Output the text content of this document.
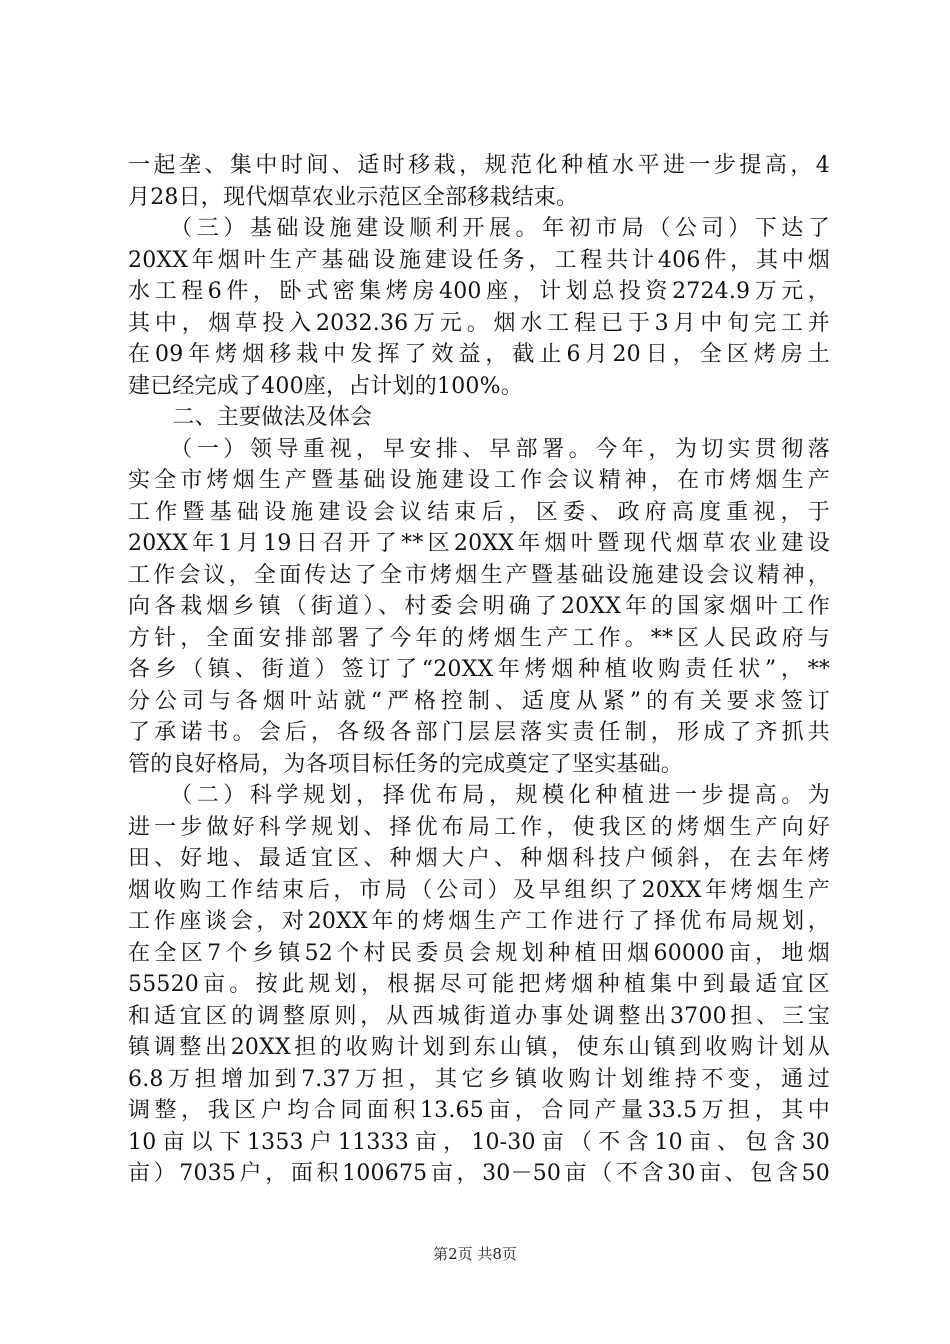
一起垄、集中时间、适时移栽，规范化种植水平进一步提高，4
月28日，现代烟草农业示范区全部移栽结束。
　　（三）基础设施建设顺利开展。年初市局（公司）下达了
20XX年烟叶生产基础设施建设任务，工程共计406件，其中烟
水工程6件，卧式密集烤房400座，计划总投资2724.9万元，
其中，烟草投入2032.36万元。烟水工程已于3月中旬完工并
在09年烤烟移栽中发挥了效益，截止6月20日，全区烤房土
建已经完成了400座，占计划的100%。
　　二、主要做法及体会
　　（一）领导重视，早安排、早部署。今年，为切实贯彻落
实全市烤烟生产暨基础设施建设工作会议精神，在市烤烟生产
工作暨基础设施建设会议结束后，区委、政府高度重视，于
20XX年1月19日召开了**区20XX年烟叶暨现代烟草农业建设
工作会议，全面传达了全市烤烟生产暨基础设施建设会议精神，
向各栽烟乡镇（街道）、村委会明确了20XX年的国家烟叶工作
方针，全面安排部署了今年的烤烟生产工作。**区人民政府与
各乡（镇、街道）签订了“20XX年烤烟种植收购责任状”，**
分公司与各烟叶站就“严格控制、适度从紧”的有关要求签订
了承诺书。会后，各级各部门层层落实责任制，形成了齐抓共
管的良好格局，为各项目标任务的完成奠定了坚实基础。
　　（二）科学规划，择优布局，规模化种植进一步提高。为
进一步做好科学规划、择优布局工作，使我区的烤烟生产向好
田、好地、最适宜区、种烟大户、种烟科技户倾斜，在去年烤
烟收购工作结束后，市局（公司）及早组织了20XX年烤烟生产
工作座谈会，对20XX年的烤烟生产工作进行了择优布局规划，
在全区7个乡镇52个村民委员会规划种植田烟60000亩，地烟
55520亩。按此规划，根据尽可能把烤烟种植集中到最适宜区
和适宜区的调整原则，从西城街道办事处调整出3700担、三宝
镇调整出20XX担的收购计划到东山镇，使东山镇到收购计划从
6.8万担增加到7.37万担，其它乡镇收购计划维持不变，通过
调整，我区户均合同面积13.65亩，合同产量33.5万担，其中
10亩以下1353户11333亩，10-30亩（不含10亩、包含30
亩）7035户，面积100675亩，30－50亩（不含30亩、包含50
第2页 共8页
